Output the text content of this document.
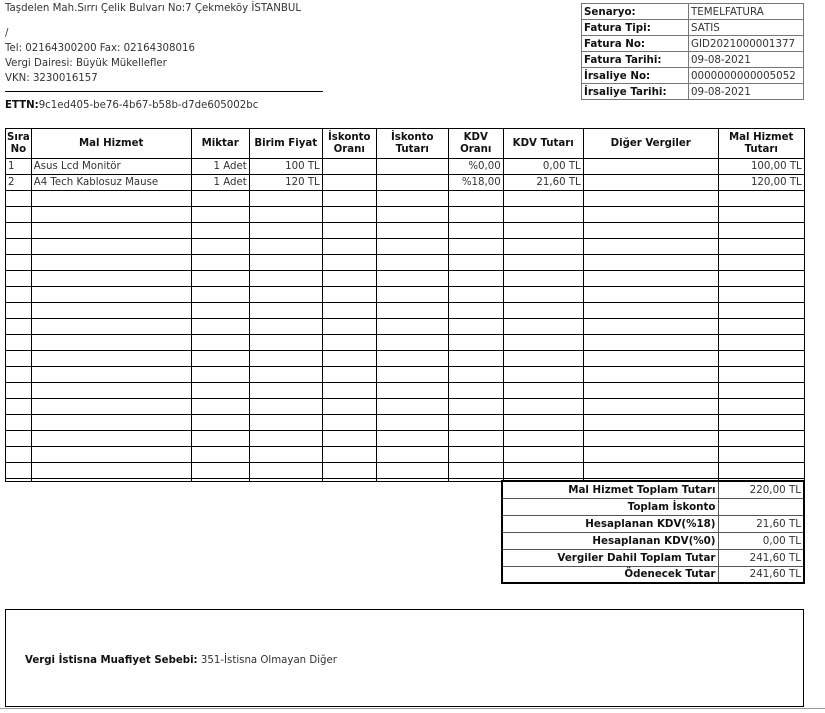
Taşdelen Mah.Sırrı Çelik Bulvarı No:7 Çekmeköy İSTANBUL
/
Tel: 02164300200 Fax: 02164308016
Vergi Dairesi: Büyük Mükellefler
VKN: 3230016157
Senaryo:	TEMELFATURA
Fatura Tipi:	SATIS
Fatura No:	GID2021000001377
Fatura Tarihi:	09-08-2021
İrsaliye No:	0000000000005052
İrsaliye Tarihi:	09-08-2021
ETTN:9c1ed405-be76-4b67-b58b-d7de605002bc
Sıra No	Mal Hizmet	Miktar	Birim Fiyat	İskonto Oranı	İskonto Tutarı	KDV Oranı	KDV Tutarı	Diğer Vergiler	Mal Hizmet Tutarı
1	Asus Lcd Monitör	1 Adet	100 TL			%0,00	0,00 TL		100,00 TL
2	A4 Tech Kablosuz Mause	1 Adet	120 TL			%18,00	21,60 TL		120,00 TL

Mal Hizmet Toplam Tutarı	220,00 TL
Toplam İskonto	
Hesaplanan KDV(%18)	21,60 TL
Hesaplanan KDV(%0)	0,00 TL
Vergiler Dahil Toplam Tutar	241,60 TL
Ödenecek Tutar	241,60 TL
Vergi İstisna Muafiyet Sebebi: 351-İstisna Olmayan Diğer
